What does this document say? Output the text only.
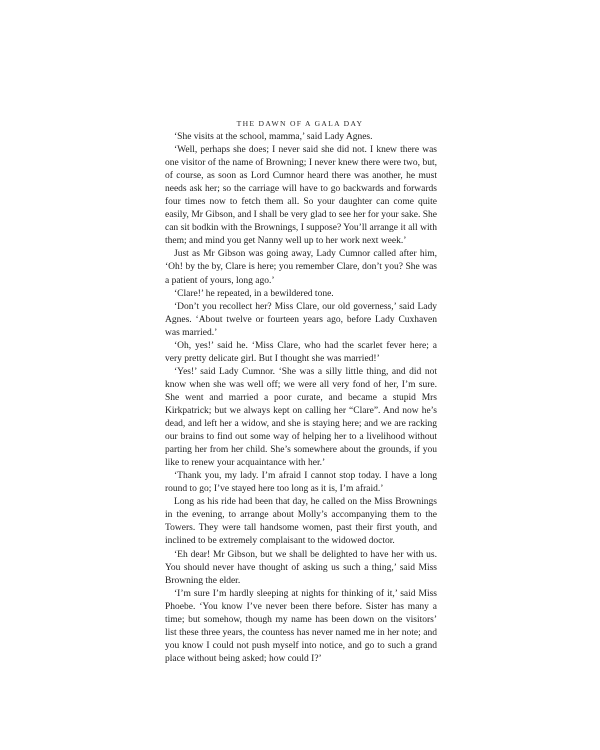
THE DAWN OF A GALA DAY

‘She visits at the school, mamma,’ said Lady Agnes.

‘Well, perhaps she does; I never said she did not. I knew there was one visitor of the name of Browning; I never knew there were two, but, of course, as soon as Lord Cumnor heard there was another, he must needs ask her; so the carriage will have to go backwards and forwards four times now to fetch them all. So your daughter can come quite easily, Mr Gibson, and I shall be very glad to see her for your sake. She can sit bodkin with the Brownings, I suppose? You’ll arrange it all with them; and mind you get Nanny well up to her work next week.’

Just as Mr Gibson was going away, Lady Cumnor called after him, ‘Oh! by the by, Clare is here; you remember Clare, don’t you? She was a patient of yours, long ago.’

‘Clare!’ he repeated, in a bewildered tone.

‘Don’t you recollect her? Miss Clare, our old governess,’ said Lady Agnes. ‘About twelve or fourteen years ago, before Lady Cuxhaven was married.’

‘Oh, yes!’ said he. ‘Miss Clare, who had the scarlet fever here; a very pretty delicate girl. But I thought she was married!’

‘Yes!’ said Lady Cumnor. ‘She was a silly little thing, and did not know when she was well off; we were all very fond of her, I’m sure. She went and married a poor curate, and became a stupid Mrs Kirkpatrick; but we always kept on calling her “Clare”. And now he’s dead, and left her a widow, and she is staying here; and we are racking our brains to find out some way of helping her to a livelihood without parting her from her child. She’s somewhere about the grounds, if you like to renew your acquaintance with her.’

‘Thank you, my lady. I’m afraid I cannot stop today. I have a long round to go; I’ve stayed here too long as it is, I’m afraid.’

Long as his ride had been that day, he called on the Miss Brownings in the evening, to arrange about Molly’s accompanying them to the Towers. They were tall handsome women, past their first youth, and inclined to be extremely complaisant to the widowed doctor.

‘Eh dear! Mr Gibson, but we shall be delighted to have her with us. You should never have thought of asking us such a thing,’ said Miss Browning the elder.

‘I’m sure I’m hardly sleeping at nights for thinking of it,’ said Miss Phoebe. ‘You know I’ve never been there before. Sister has many a time; but somehow, though my name has been down on the visitors’ list these three years, the countess has never named me in her note; and you know I could not push myself into notice, and go to such a grand place without being asked; how could I?’
